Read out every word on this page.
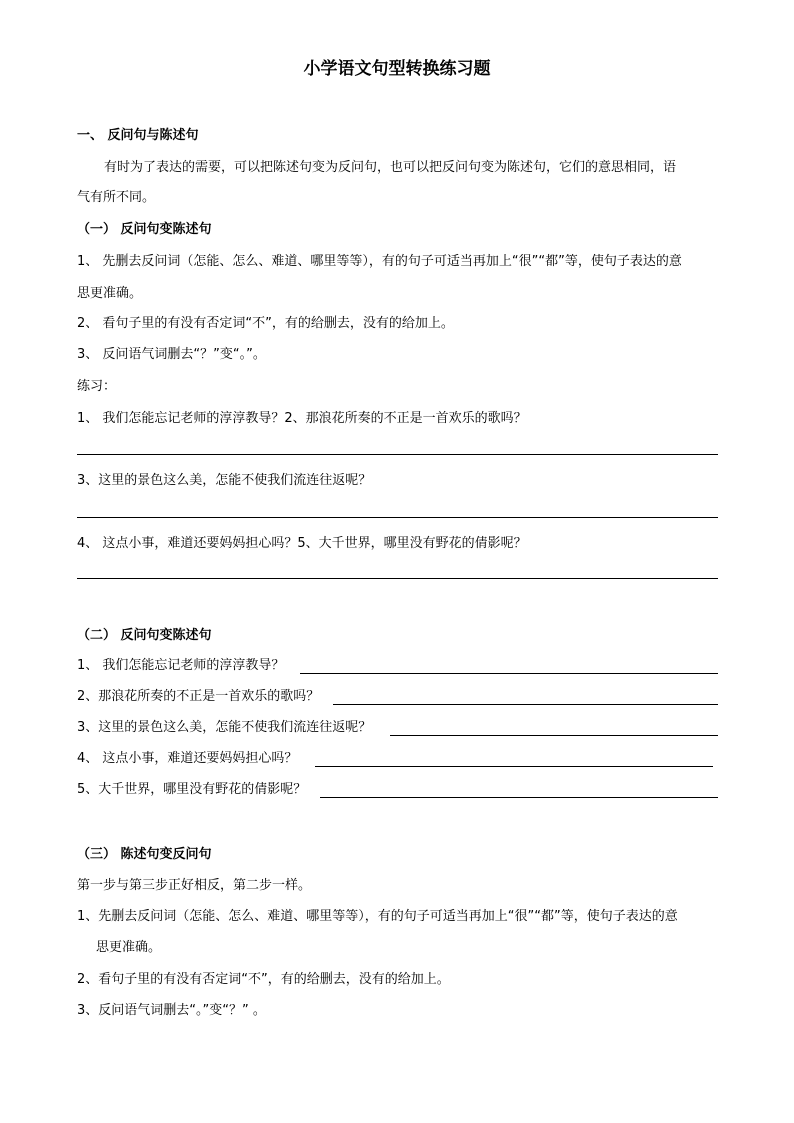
小学语文句型转换练习题
一、 反问句与陈述句
有时为了表达的需要，可以把陈述句变为反问句，也可以把反问句变为陈述句，它们的意思相同，语
气有所不同。
（一） 反问句变陈述句
1、 先删去反问词（怎能、怎么、难道、哪里等等），有的句子可适当再加上“很”“都”等，使句子表达的意
思更准确。
2、 看句子里的有没有否定词“不”，有的给删去，没有的给加上。
3、 反问语气词删去“？”变“。”。
练习：
1、 我们怎能忘记老师的淳淳教导？2、那浪花所奏的不正是一首欢乐的歌吗？
3、这里的景色这么美，怎能不使我们流连往返呢？
4、 这点小事，难道还要妈妈担心吗？5、大千世界，哪里没有野花的倩影呢？
（二） 反问句变陈述句
1、 我们怎能忘记老师的淳淳教导？
2、那浪花所奏的不正是一首欢乐的歌吗？
3、这里的景色这么美，怎能不使我们流连往返呢？
4、 这点小事，难道还要妈妈担心吗？
5、大千世界，哪里没有野花的倩影呢？
（三） 陈述句变反问句
第一步与第三步正好相反，第二步一样。
1、先删去反问词（怎能、怎么、难道、哪里等等），有的句子可适当再加上“很”“都”等，使句子表达的意
思更准确。
2、看句子里的有没有否定词“不”，有的给删去，没有的给加上。
3、反问语气词删去“。”变“？” 。
